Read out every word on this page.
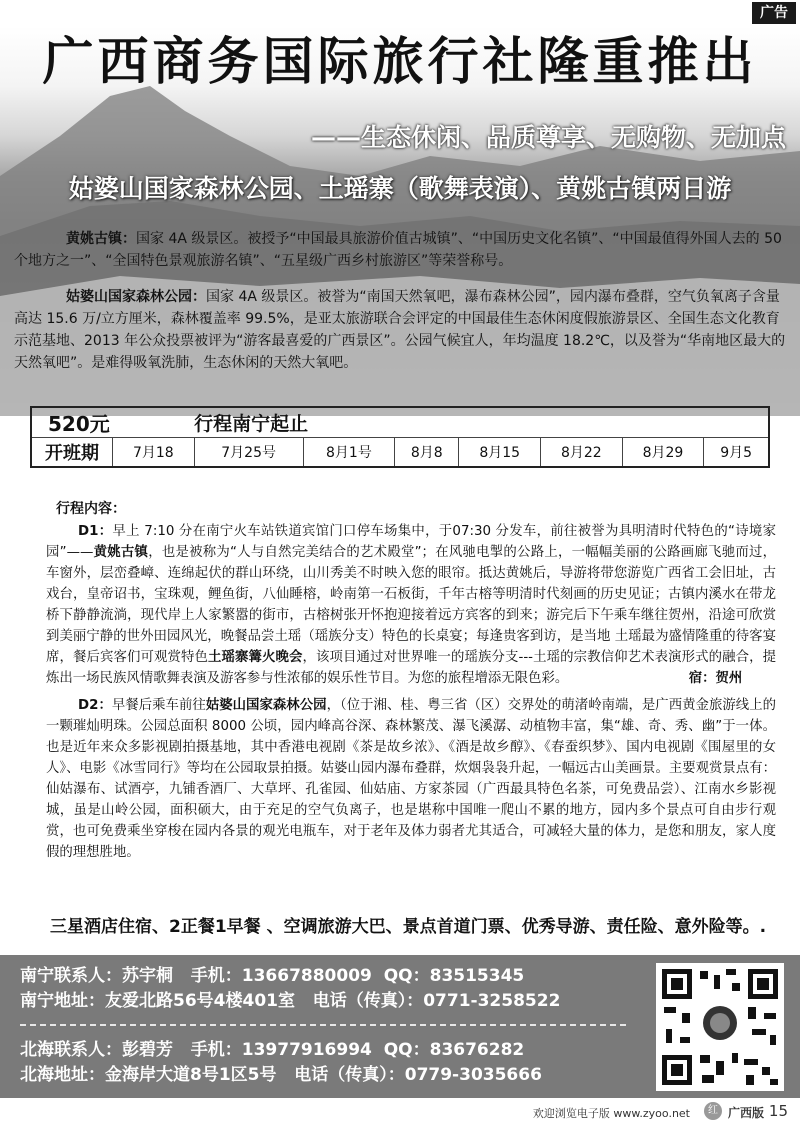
广告
广西商务国际旅行社隆重推出
——生态休闲、品质尊享、无购物、无加点
姑婆山国家森林公园、土瑶寨（歌舞表演）、黄姚古镇两日游
黄姚古镇：国家 4A 级景区。被授予“中国最具旅游价值古城镇”、“中国历史文化名镇”、“中国最值得外国人去的 50 个地方之一”、“全国特色景观旅游名镇”、“五星级广西乡村旅游区”等荣誉称号。
姑婆山国家森林公园：国家 4A 级景区。被誉为“南国天然氧吧，瀑布森林公园”，园内瀑布叠群，空气负氧离子含量高达 15.6 万/立方厘米，森林覆盖率 99.5%，是亚太旅游联合会评定的中国最佳生态休闲度假旅游景区、全国生态文化教育示范基地、2013 年公众投票被评为“游客最喜爱的广西景区”。公园气候宜人，年均温度 18.2℃，以及誉为“华南地区最大的天然氧吧”。是难得吸氧洗肺，生态休闲的天然大氧吧。
520元		行程南宁起止						
开班期	7月18	7月25号	8月1号	8月8	8月15	8月22	8月29	9月5
行程内容：

D1：早上 7:10 分在南宁火车站铁道宾馆门口停车场集中，于07:30 分发车，前往被誉为具明清时代特色的“诗境家园”——黄姚古镇，也是被称为“人与自然完美结合的艺术殿堂”；在风驰电掣的公路上，一幅幅美丽的公路画廊飞驰而过，车窗外，层峦叠嶂、连绵起伏的群山环绕，山川秀美不时映入您的眼帘。抵达黄姚后，导游将带您游览广西省工会旧址，古戏台，皇帝诏书，宝珠观，鲤鱼街，八仙睡榕，岭南第一石板街，千年古榕等明清时代刻画的历史见证；古镇内溪水在带龙桥下静静流淌，现代岸上人家繁嚣的街市，古榕树张开怀抱迎接着远方宾客的到来；游完后下午乘车继往贺州，沿途可欣赏到美丽宁静的世外田园风光，晚餐品尝土瑶（瑶族分支）特色的长桌宴；每逢贵客到访，是当地 土瑶最为盛情隆重的待客宴席，餐后宾客们可观赏特色土瑶寨篝火晚会，该项目通过对世界唯一的瑶族分支---土瑶的宗教信仰艺术表演形式的融合，提炼出一场民族风情歌舞表演及游客参与性浓郁的娱乐性节目。为您的旅程增添无限色彩。         	宿：贺州

D2：早餐后乘车前往姑婆山国家森林公园，（位于湘、桂、粤三省（区）交界处的萌渚岭南端，是广西黄金旅游线上的一颗璀灿明珠。公园总面积 8000 公顷，园内峰高谷深、森林繁茂、瀑飞溪潺、动植物丰富，集“雄、奇、秀、幽”于一体。也是近年来众多影视剧拍摄基地，其中香港电视剧《茶是故乡浓》、《酒是故乡醇》、《春蚕织梦》、国内电视剧《围屋里的女人》、电影《冰雪同行》等均在公园取景拍摄。姑婆山园内瀑布叠群，炊烟袅袅升起，一幅远古山美画景。主要观赏景点有：仙姑瀑布、试酒亭，九铺香酒厂、大草坪、孔雀园、仙姑庙、方家茶园（广西最具特色名茶，可免费品尝）、江南水乡影视城，虽是山岭公园，面积硕大，由于充足的空气负离子，也是堪称中国唯一爬山不累的地方，园内多个景点可自由步行观赏，也可免费乘坐穿梭在园内各景的观光电瓶车，对于老年及体力弱者尤其适合，可减轻大量的体力，是您和朋友，家人度假的理想胜地。

三星酒店住宿、2正餐1早餐 、空调旅游大巴、景点首道门票、优秀导游、责任险、意外险等。.
南宁联系人：苏宇桐   手机：13667880009  QQ：83515345
南宁地址：友爱北路56号4楼401室   电话（传真）：0771-3258522
北海联系人：彭碧芳   手机：13977916994  QQ：83676282
北海地址：金海岸大道8号1区5号   电话（传真）：0779-3035666
欢迎浏览电子版 www.zyoo.net	红 广西版 15
